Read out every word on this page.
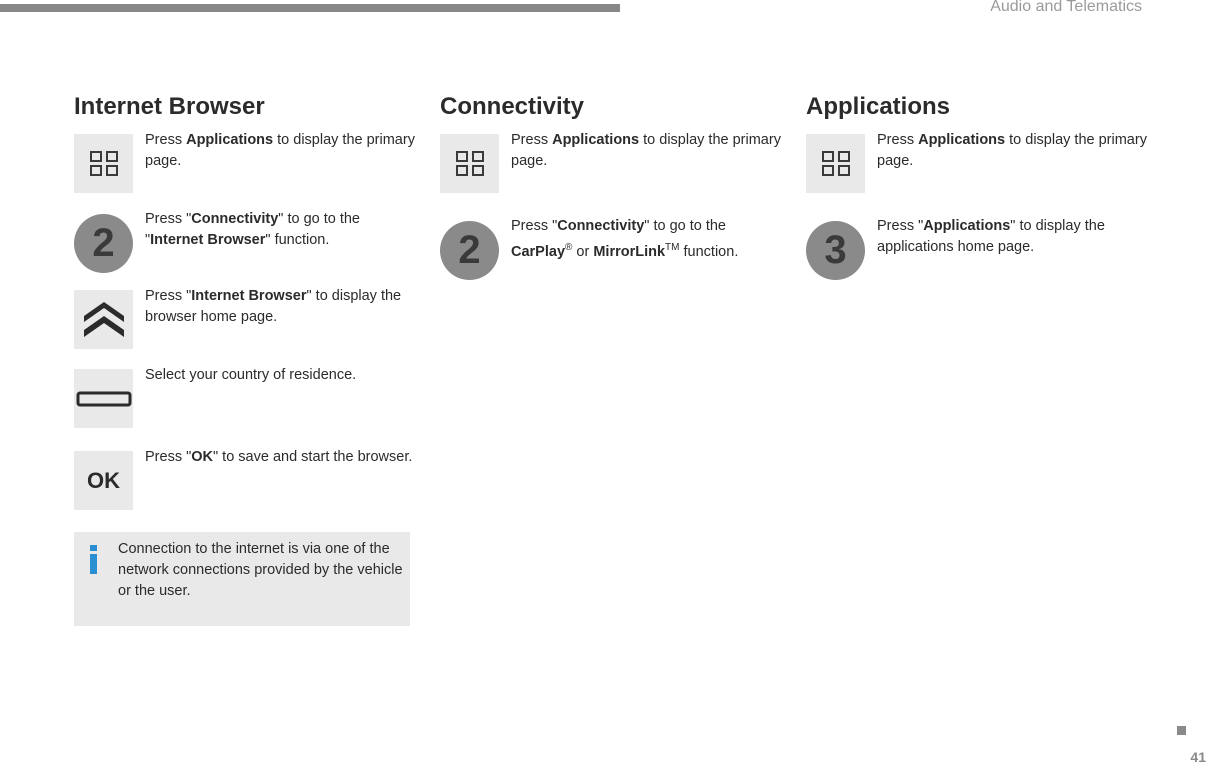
Audio and Telematics
Internet Browser
Press Applications to display the primary page.
2
Press "Connectivity" to go to the "Internet Browser" function.
Press "Internet Browser" to display the browser home page.
Select your country of residence.
OK
Press "OK" to save and start the browser.
Connection to the internet is via one of the network connections provided by the vehicle or the user.
Connectivity
Press Applications to display the primary page.
2
Press "Connectivity" to go to the CarPlay® or MirrorLink™ function.
Applications
Press Applications to display the primary page.
3
Press "Applications" to display the applications home page.
41
